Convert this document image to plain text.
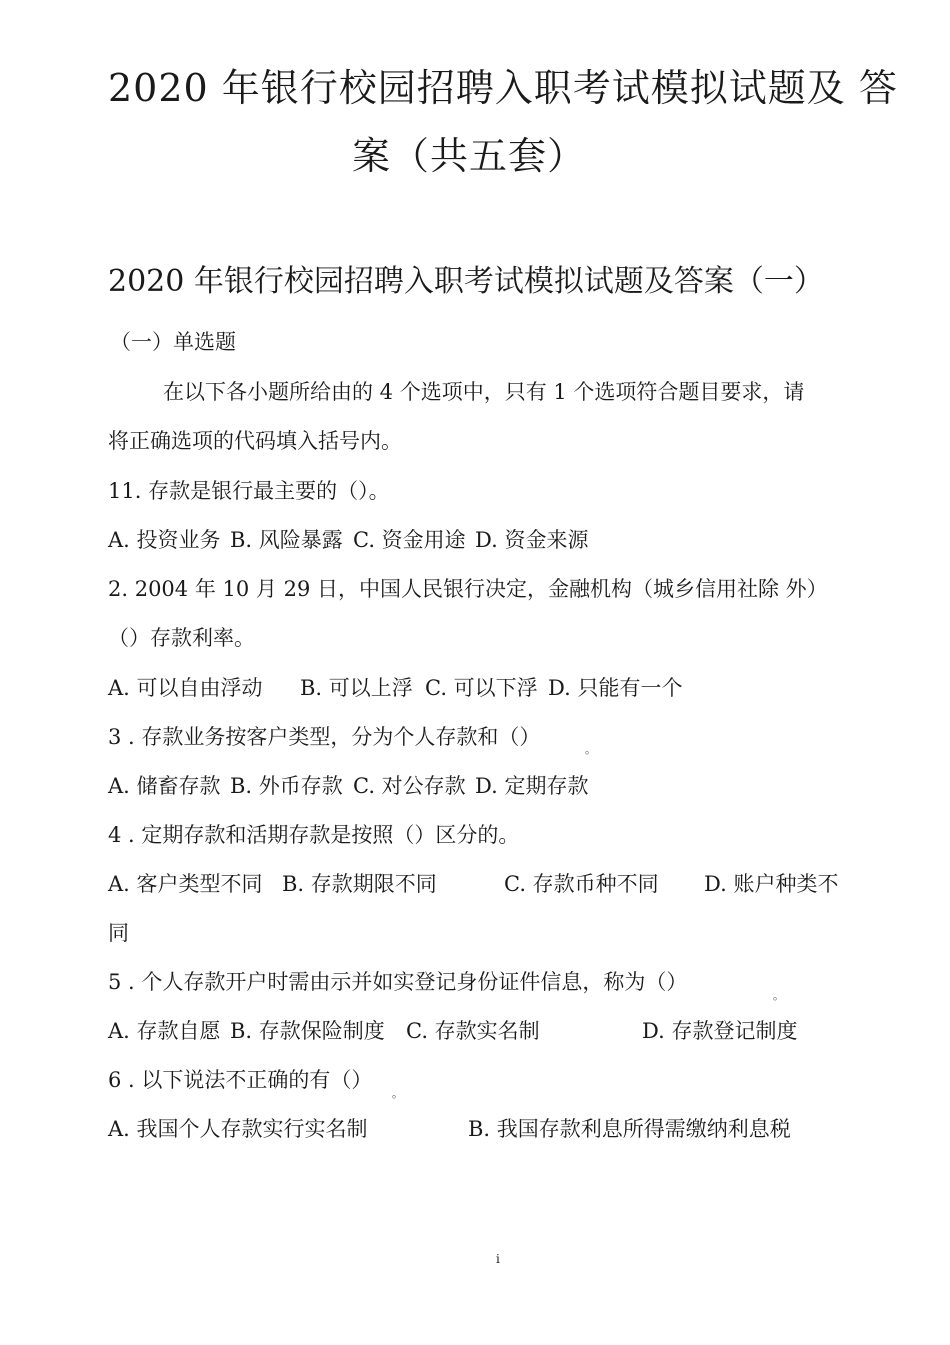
2020 年银行校园招聘入职考试模拟试题及 答
案（共五套）
2020 年银行校园招聘入职考试模拟试题及答案（一）
（一）单选题
在以下各小题所给由的 4 个选项中，只有 1 个选项符合题目要求，请
将正确选项的代码填入括号内。
11. 存款是银行最主要的（）。
A. 投资业务 B. 风险暴露 C. 资金用途 D. 资金来源
2. 2004 年 10 月 29 日，中国人民银行决定，金融机构（城乡信用社除 外）
（）存款利率。
A. 可以自由浮动 B. 可以上浮 C. 可以下浮 D. 只能有一个
3 . 存款业务按客户类型，分为个人存款和（）
。
A. 储畜存款 B. 外币存款 C. 对公存款 D. 定期存款
4 . 定期存款和活期存款是按照（）区分的。
A. 客户类型不同 B. 存款期限不同	C. 存款币种不同 D. 账户种类不
同
5 . 个人存款开户时需由示并如实登记身份证件信息，称为（）
。
A. 存款自愿 B. 存款保险制度 C. 存款实名制	D. 存款登记制度
6 . 以下说法不正确的有（）
。
A. 我国个人存款实行实名制	B. 我国存款利息所得需缴纳利息税
i
